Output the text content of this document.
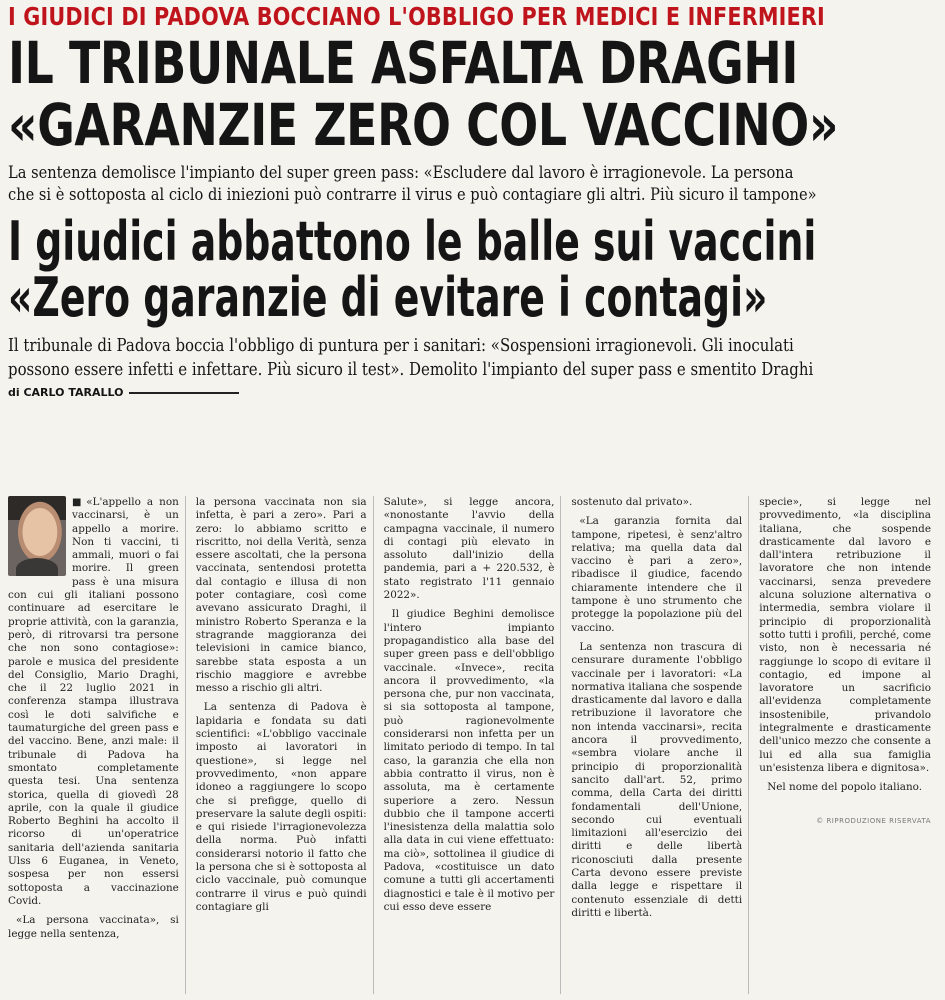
I GIUDICI DI PADOVA BOCCIANO L'OBBLIGO PER MEDICI E INFERMIERI
IL TRIBUNALE ASFALTA DRAGHI
«GARANZIE ZERO COL VACCINO»
La sentenza demolisce l'impianto del super green pass: «Escludere dal lavoro è irragionevole. La persona
che si è sottoposta al ciclo di iniezioni può contrarre il virus e può contagiare gli altri. Più sicuro il tampone»
I giudici abbattono le balle sui vaccini
«Zero garanzie di evitare i contagi»
Il tribunale di Padova boccia l'obbligo di puntura per i sanitari: «Sospensioni irragionevoli. Gli inoculati
possono essere infetti e infettare. Più sicuro il test». Demolito l'impianto del super pass e smentito Draghi
di CARLO TARALLO

■ «L'appello a non vaccinarsi, è un appello a morire. Non ti vaccini, ti ammali, muori o fai morire. Il green pass è una misura con cui gli italiani possono continuare ad esercitare le proprie attività, con la garanzia, però, di ritrovarsi tra persone che non sono contagiose»: parole e musica del presidente del Consiglio, Mario Draghi, che il 22 luglio 2021 in conferenza stampa illustrava così le doti salvifiche e taumaturgiche del green pass e del vaccino. Bene, anzi male: il tribunale di Padova ha smontato completamente questa tesi. Una sentenza storica, quella di giovedì 28 aprile, con la quale il giudice Roberto Beghini ha accolto il ricorso di un'operatrice sanitaria dell'azienda sanitaria Ulss 6 Euganea, in Veneto, sospesa per non essersi sottoposta a vaccinazione Covid.

«La persona vaccinata», si legge nella sentenza,

la persona vaccinata non sia infetta, è pari a zero». Pari a zero: lo abbiamo scritto e riscritto, noi della Verità, senza essere ascoltati, che la persona vaccinata, sentendosi protetta dal contagio e illusa di non poter contagiare, così come avevano assicurato Draghi, il ministro Roberto Speranza e la stragrande maggioranza dei televisioni in camice bianco, sarebbe stata esposta a un rischio maggiore e avrebbe messo a rischio gli altri.

La sentenza di Padova è lapidaria e fondata su dati scientifici: «L'obbligo vaccinale imposto ai lavoratori in questione», si legge nel provvedimento, «non appare idoneo a raggiungere lo scopo che si prefigge, quello di preservare la salute degli ospiti: e qui risiede l'irragionevolezza della norma. Può infatti considerarsi notorio il fatto che la persona che si è sottoposta al ciclo vaccinale, può comunque contrarre il virus e può quindi contagiare gli

Salute», si legge ancora, «nonostante l'avvio della campagna vaccinale, il numero di contagi più elevato in assoluto dall'inizio della pandemia, pari a + 220.532, è stato registrato l'11 gennaio 2022».

Il giudice Beghini demolisce l'intero impianto propagandistico alla base del super green pass e dell'obbligo vaccinale. «Invece», recita ancora il provvedimento, «la persona che, pur non vaccinata, si sia sottoposta al tampone, può ragionevolmente considerarsi non infetta per un limitato periodo di tempo. In tal caso, la garanzia che ella non abbia contratto il virus, non è assoluta, ma è certamente superiore a zero. Nessun dubbio che il tampone accerti l'inesistenza della malattia solo alla data in cui viene effettuato: ma ciò», sottolinea il giudice di Padova, «costituisce un dato comune a tutti gli accertamenti diagnostici e tale è il motivo per cui esso deve essere

sostenuto dal privato».

«La garanzia fornita dal tampone, ripetesi, è senz'altro relativa; ma quella data dal vaccino è pari a zero», ribadisce il giudice, facendo chiaramente intendere che il tampone è uno strumento che protegge la popolazione più del vaccino.

La sentenza non trascura di censurare duramente l'obbligo vaccinale per i lavoratori: «La normativa italiana che sospende drasticamente dal lavoro e dalla retribuzione il lavoratore che non intenda vaccinarsi», recita ancora il provvedimento, «sembra violare anche il principio di proporzionalità sancito dall'art. 52, primo comma, della Carta dei diritti fondamentali dell'Unione, secondo cui eventuali limitazioni all'esercizio dei diritti e delle libertà riconosciuti dalla presente Carta devono essere previste dalla legge e rispettare il contenuto essenziale di detti diritti e libertà.

specie», si legge nel provvedimento, «la disciplina italiana, che sospende drasticamente dal lavoro e dall'intera retribuzione il lavoratore che non intende vaccinarsi, senza prevedere alcuna soluzione alternativa o intermedia, sembra violare il principio di proporzionalità sotto tutti i profili, perché, come visto, non è necessaria né raggiunge lo scopo di evitare il contagio, ed impone al lavoratore un sacrificio all'evidenza completamente insostenibile, privandolo integralmente e drasticamente dell'unico mezzo che consente a lui ed alla sua famiglia un'esistenza libera e dignitosa».

Nel nome del popolo italiano.

© RIPRODUZIONE RISERVATA
